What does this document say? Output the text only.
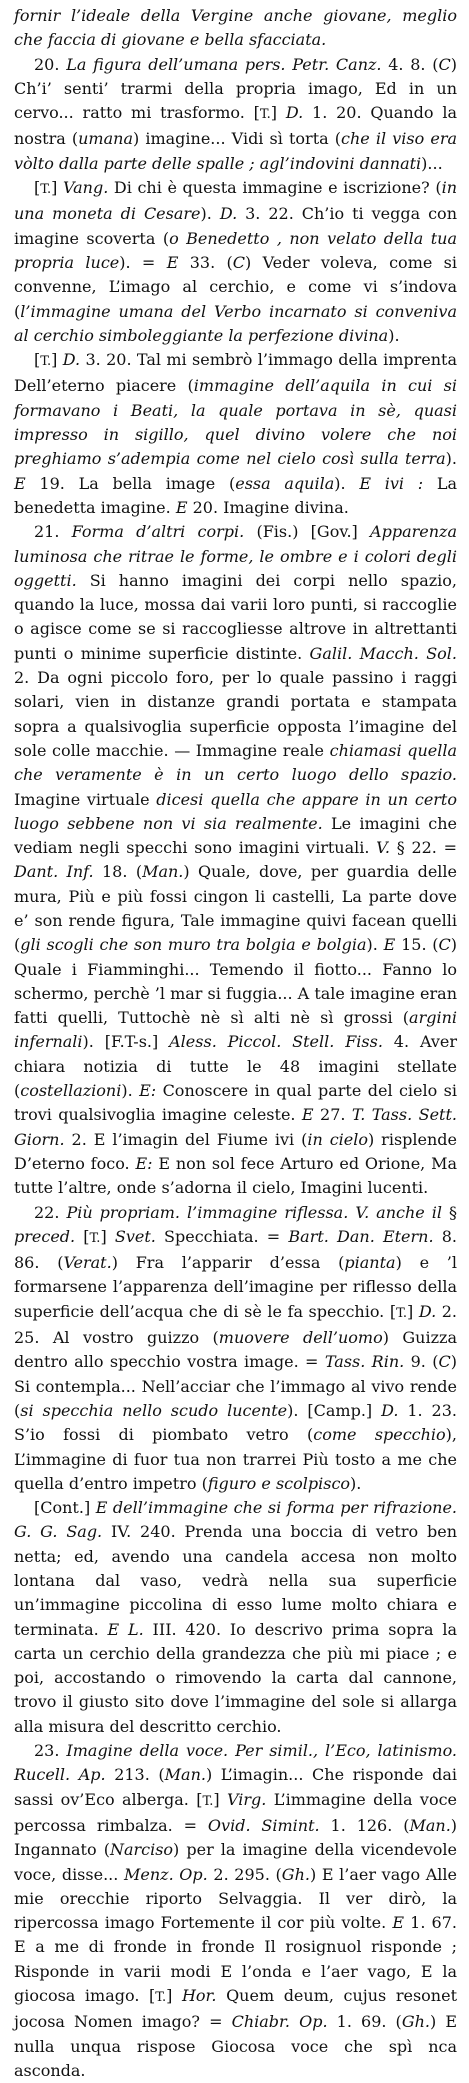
fornir l’ideale della Vergine anche giovane, meglio che faccia di giovane e bella sfacciata.

20. La figura dell’umana pers. Petr. Canz. 4. 8. (C) Ch’i’ senti’ trarmi della propria imago, Ed in un cervo... ratto mi trasformo. [T.] D. 1. 20. Quando la nostra (umana) imagine... Vidi sì torta (che il viso era vòlto dalla parte delle spalle ; agl’indovini dannati)...

[T.] Vang. Di chi è questa immagine e iscrizione? (in una moneta di Cesare). D. 3. 22. Ch’io ti vegga con imagine scoverta (o Benedetto , non velato della tua propria luce). = E 33. (C) Veder voleva, come si convenne, L’imago al cerchio, e come vi s’indova (l’immagine umana del Verbo incarnato si conveniva al cerchio simboleggiante la perfezione divina).

[T.] D. 3. 20. Tal mi sembrò l’immago della imprenta Dell’eterno piacere (immagine dell’aquila in cui si formavano i Beati, la quale portava in sè, quasi impresso in sigillo, quel divino volere che noi preghiamo s’adempia come nel cielo così sulla terra). E 19. La bella image (essa aquila). E ivi : La benedetta imagine. E 20. Imagine divina.

21. Forma d’altri corpi. (Fis.) [Gov.] Apparenza luminosa che ritrae le forme, le ombre e i colori degli oggetti. Si hanno imagini dei corpi nello spazio, quando la luce, mossa dai varii loro punti, si raccoglie o agisce come se si raccogliesse altrove in altrettanti punti o minime superficie distinte. Galil. Macch. Sol. 2. Da ogni piccolo foro, per lo quale passino i raggi solari, vien in distanze grandi portata e stampata sopra a qualsivoglia superficie opposta l’imagine del sole colle macchie. — Immagine reale chiamasi quella che veramente è in un certo luogo dello spazio. Imagine virtuale dicesi quella che appare in un certo luogo sebbene non vi sia realmente. Le imagini che vediam negli specchi sono imagini virtuali. V. § 22. = Dant. Inf. 18. (Man.) Quale, dove, per guardia delle mura, Più e più fossi cingon li castelli, La parte dove e’ son rende figura, Tale immagine quivi facean quelli (gli scogli che son muro tra bolgia e bolgia). E 15. (C) Quale i Fiamminghi... Temendo il fiotto... Fanno lo schermo, perchè ’l mar si fuggia... A tale imagine eran fatti quelli, Tuttochè nè sì alti nè sì grossi (argini infernali). [F.T-s.] Aless. Piccol. Stell. Fiss. 4. Aver chiara notizia di tutte le 48 imagini stellate (costellazioni). E: Conoscere in qual parte del cielo si trovi qualsivoglia imagine celeste. E 27. T. Tass. Sett. Giorn. 2. E l’imagin del Fiume ivi (in cielo) risplende D’eterno foco. E: E non sol fece Arturo ed Orione, Ma tutte l’altre, onde s’adorna il cielo, Imagini lucenti.

22. Più propriam. l’immagine riflessa. V. anche il § preced. [T.] Svet. Specchiata. = Bart. Dan. Etern. 8. 86. (Verat.) Fra l’apparir d’essa (pianta) e ’l formarsene l’apparenza dell’imagine per riflesso della superficie dell’acqua che di sè le fa specchio. [T.] D. 2. 25. Al vostro guizzo (muovere dell’uomo) Guizza dentro allo specchio vostra image. = Tass. Rin. 9. (C) Si contempla... Nell’acciar che l’immago al vivo rende (si specchia nello scudo lucente). [Camp.] D. 1. 23. S’io fossi di piombato vetro (come specchio), L’immagine di fuor tua non trarrei Più tosto a me che quella d’entro impetro (figuro e scolpisco).

[Cont.] E dell’immagine che si forma per rifrazione. G. G. Sag. IV. 240. Prenda una boccia di vetro ben netta; ed, avendo una candela accesa non molto lontana dal vaso, vedrà nella sua superficie un’immagine piccolina di esso lume molto chiara e terminata. E L. III. 420. Io descrivo prima sopra la carta un cerchio della grandezza che più mi piace ; e poi, accostando o rimovendo la carta dal cannone, trovo il giusto sito dove l’immagine del sole si allarga alla misura del descritto cerchio.

23. Imagine della voce. Per simil., l’Eco, latinismo. Rucell. Ap. 213. (Man.) L’imagin... Che risponde dai sassi ov’Eco alberga. [T.] Virg. L’immagine della voce percossa rimbalza. = Ovid. Simint. 1. 126. (Man.) Ingannato (Narciso) per la imagine della vicendevole voce, disse... Menz. Op. 2. 295. (Gh.) E l’aer vago Alle mie orecchie riporto Selvaggia. Il ver dirò, la ripercossa imago Fortemente il cor più volte. E 1. 67. E a me di fronde in fronde Il rosignuol risponde ; Risponde in varii modi E l’onda e l’aer vago, E la giocosa imago. [T.] Hor. Quem deum, cujus resonet jocosa Nomen imago? = Chiabr. Op. 1. 69. (Gh.) E nulla unqua rispose Giocosa voce che spì nca asconda.
